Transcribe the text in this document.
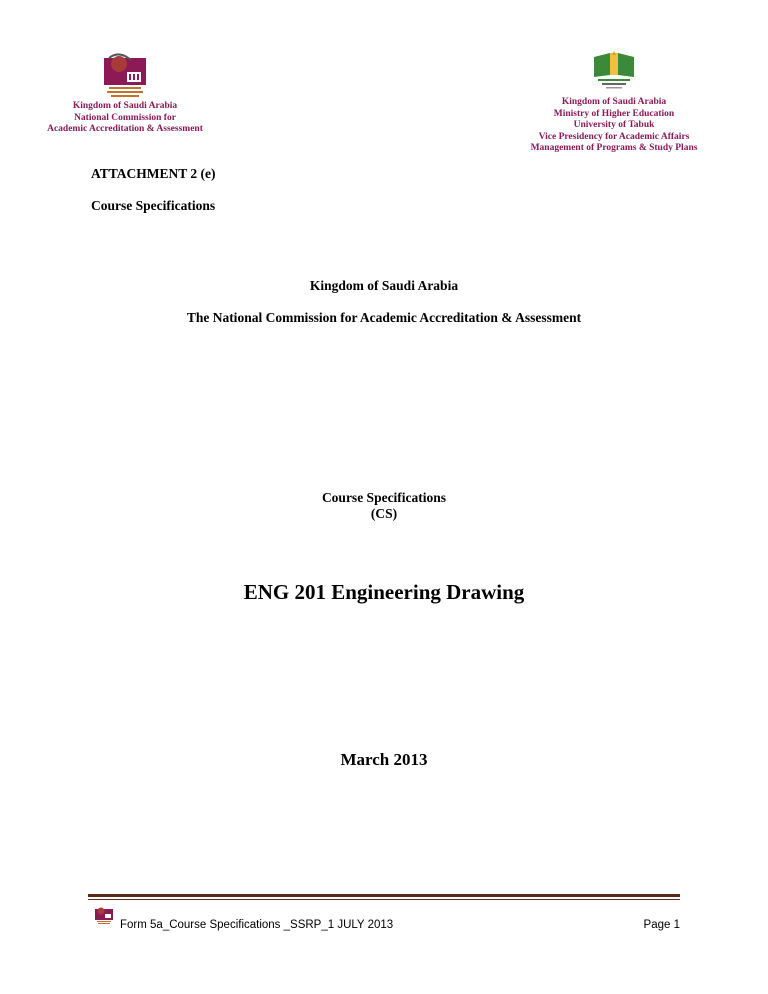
Kingdom of Saudi Arabia
National Commission for
Academic Accreditation & Assessment
Kingdom of Saudi Arabia
Ministry of Higher Education
University of Tabuk
Vice Presidency for Academic Affairs
Management of Programs & Study Plans
ATTACHMENT 2 (e)
Course Specifications
Kingdom of Saudi Arabia
The National Commission for Academic Accreditation & Assessment
Course Specifications
(CS)
ENG 201 Engineering Drawing
March 2013
Form 5a_Course Specifications _SSRP_1 JULY 2013	Page 1
